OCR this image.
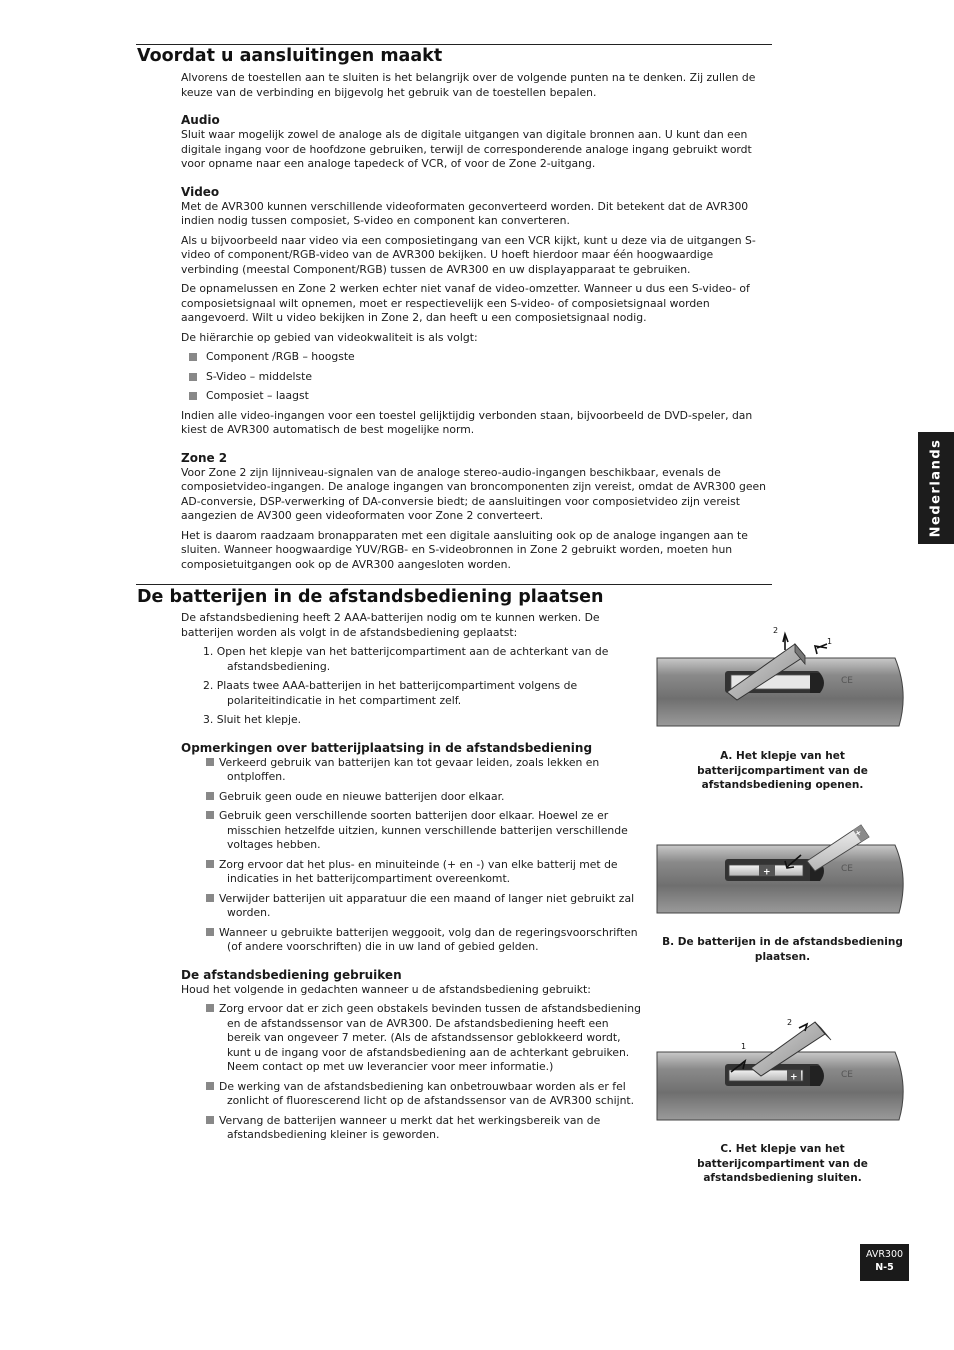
Voordat u aansluitingen maakt

Alvorens de toestellen aan te sluiten is het belangrijk over de volgende punten na te denken. Zij zullen de keuze van de verbinding en bijgevolg het gebruik van de toestellen bepalen.

Audio

Sluit waar mogelijk zowel de analoge als de digitale uitgangen van digitale bronnen aan. U kunt dan een digitale ingang voor de hoofdzone gebruiken, terwijl de corresponderende analoge ingang gebruikt wordt voor opname naar een analoge tapedeck of VCR, of voor de Zone 2-uitgang.

Video

Met de AVR300 kunnen verschillende videoformaten geconverteerd worden. Dit betekent dat de AVR300 indien nodig tussen composiet, S-video en component kan converteren.

Als u bijvoorbeeld naar video via een composietingang van een VCR kijkt, kunt u deze via de uitgangen S-video of component/RGB-video van de AVR300 bekijken. U hoeft hierdoor maar één hoogwaardige verbinding (meestal Component/RGB) tussen de AVR300 en uw displayapparaat te gebruiken.

De opnamelussen en Zone 2 werken echter niet vanaf de video-omzetter. Wanneer u dus een S-video- of composietsignaal wilt opnemen, moet er respectievelijk een S-video- of composietsignaal worden aangevoerd. Wilt u video bekijken in Zone 2, dan heeft u een composietsignaal nodig.

De hiërarchie op gebied van videokwaliteit is als volgt:

Component /RGB – hoogste
S-Video – middelste
Composiet – laagst

Indien alle video-ingangen voor een toestel gelijktijdig verbonden staan, bijvoorbeeld de DVD-speler, dan kiest de AVR300 automatisch de best mogelijke norm.

Zone 2

Voor Zone 2 zijn lijnniveau-signalen van de analoge stereo-audio-ingangen beschikbaar, evenals de composietvideo-ingangen. De analoge ingangen van broncomponenten zijn vereist, omdat de AVR300 geen AD-conversie, DSP-verwerking of DA-conversie biedt; de aansluitingen voor composietvideo zijn vereist aangezien de AV300 geen videoformaten voor Zone 2 converteert.

Het is daarom raadzaam bronapparaten met een digitale aansluiting ook op de analoge ingangen aan te sluiten. Wanneer hoogwaardige YUV/RGB- en S-videobronnen in Zone 2 gebruikt worden, moeten hun composietuitgangen ook op de AVR300 aangesloten worden.

De batterijen in de afstandsbediening plaatsen

De afstandsbediening heeft 2 AAA-batterijen nodig om te kunnen werken. De batterijen worden als volgt in de afstandsbediening geplaatst:

1. Open het klepje van het batterijcompartiment aan de achterkant van de afstandsbediening.
2. Plaats twee AAA-batterijen in het batterijcompartiment volgens de polariteitindicatie in het compartiment zelf.
3. Sluit het klepje.
Opmerkingen over batterijplaatsing in de afstandsbediening
Verkeerd gebruik van batterijen kan tot gevaar leiden, zoals lekken en ontploffen.
Gebruik geen oude en nieuwe batterijen door elkaar.
Gebruik geen verschillende soorten batterijen door elkaar. Hoewel ze er misschien hetzelfde uitzien, kunnen verschillende batterijen verschillende voltages hebben.
Zorg ervoor dat het plus- en minuiteinde (+ en -) van elke batterij met de indicaties in het batterijcompartiment overeenkomt.
Verwijder batterijen uit apparatuur die een maand of langer niet gebruikt zal worden.
Wanneer u gebruikte batterijen weggooit, volg dan de regeringsvoorschriften (of andere voorschriften) die in uw land of gebied gelden.
De afstandsbediening gebruiken

Houd het volgende in gedachten wanneer u de afstandsbediening gebruikt:

Zorg ervoor dat er zich geen obstakels bevinden tussen de afstandsbediening en de afstandssensor van de AVR300. De afstandsbediening heeft een bereik van ongeveer 7 meter. (Als de afstandssensor geblokkeerd wordt, kunt u de ingang voor de afstandsbediening aan de achterkant gebruiken. Neem contact op met uw leverancier voor meer informatie.)
De werking van de afstandsbediening kan onbetrouwbaar worden als er fel zonlicht of fluorescerend licht op de afstandssensor van de AVR300 schijnt.
Vervang de batterijen wanneer u merkt dat het werkingsbereik van de afstandsbediening kleiner is geworden.
1
2
CE
A. Het klepje van het batterijcompartiment van de afstandsbediening openen.
+
+
CE
B. De batterijen in de afstandsbediening plaatsen.
+
1
2
CE
C. Het klepje van het batterijcompartiment van de afstandsbediening sluiten.
Nederlands
AVR300
N-5
